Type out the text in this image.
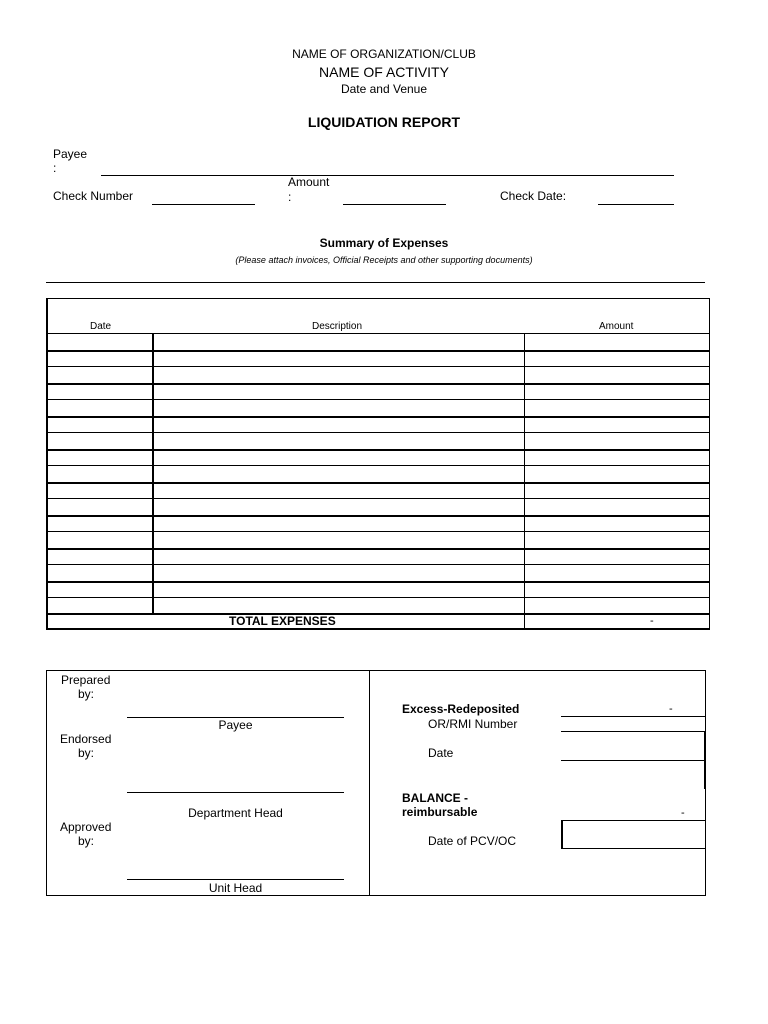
NAME OF ORGANIZATION/CLUB
NAME OF ACTIVITY
Date and Venue
LIQUIDATION REPORT
Payee
:
Amount
:
Check Number	Check Date:
Summary of Expenses
(Please attach invoices, Official Receipts and other supporting documents)
Date	Description	Amount
TOTAL EXPENSES	-
Prepared
by:
Payee
Endorsed
by:
Department Head
Approved
by:
Unit Head
Excess-Redeposited	-
OR/RMI Number
Date
BALANCE -
reimbursable	-
Date of PCV/OC
